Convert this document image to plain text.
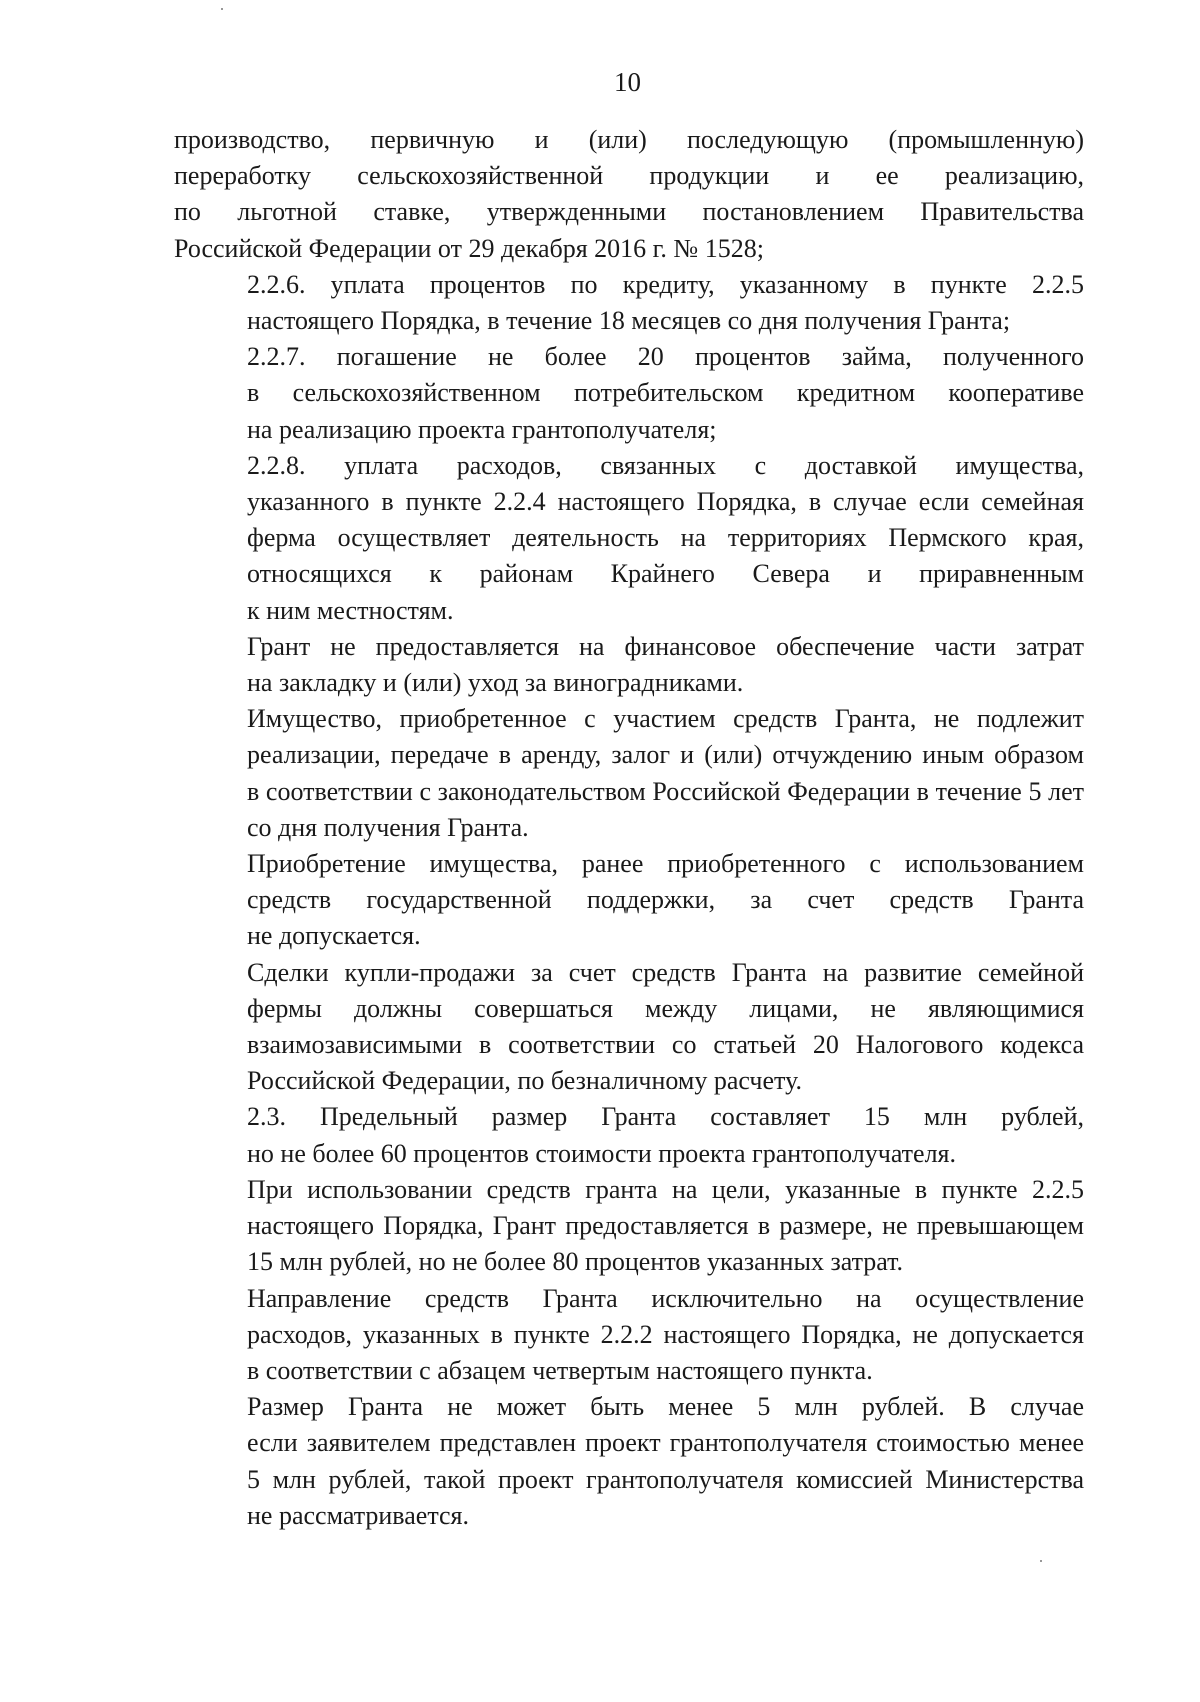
10
производство, первичную и (или) последующую (промышленную)
переработку сельскохозяйственной продукции и ее реализацию,
по льготной ставке, утвержденными постановлением Правительства
Российской Федерации от 29 декабря 2016 г. № 1528;
2.2.6. уплата процентов по кредиту, указанному в пункте 2.2.5
настоящего Порядка, в течение 18 месяцев со дня получения Гранта;
2.2.7. погашение не более 20 процентов займа, полученного
в сельскохозяйственном потребительском кредитном кооперативе
на реализацию проекта грантополучателя;
2.2.8. уплата расходов, связанных с доставкой имущества,
указанного в пункте 2.2.4 настоящего Порядка, в случае если семейная
ферма осуществляет деятельность на территориях Пермского края,
относящихся к районам Крайнего Севера и приравненным
к ним местностям.
Грант не предоставляется на финансовое обеспечение части затрат
на закладку и (или) уход за виноградниками.
Имущество, приобретенное с участием средств Гранта, не подлежит
реализации, передаче в аренду, залог и (или) отчуждению иным образом
в соответствии с законодательством Российской Федерации в течение 5 лет
со дня получения Гранта.
Приобретение имущества, ранее приобретенного с использованием
средств государственной поддержки, за счет средств Гранта
не допускается.
Сделки купли-продажи за счет средств Гранта на развитие семейной
фермы должны совершаться между лицами, не являющимися
взаимозависимыми в соответствии со статьей 20 Налогового кодекса
Российской Федерации, по безналичному расчету.
2.3. Предельный размер Гранта составляет 15 млн рублей,
но не более 60 процентов стоимости проекта грантополучателя.
При использовании средств гранта на цели, указанные в пункте 2.2.5
настоящего Порядка, Грант предоставляется в размере, не превышающем
15 млн рублей, но не более 80 процентов указанных затрат.
Направление средств Гранта исключительно на осуществление
расходов, указанных в пункте 2.2.2 настоящего Порядка, не допускается
в соответствии с абзацем четвертым настоящего пункта.
Размер Гранта не может быть менее 5 млн рублей. В случае
если заявителем представлен проект грантополучателя стоимостью менее
5 млн рублей, такой проект грантополучателя комиссией Министерства
не рассматривается.
